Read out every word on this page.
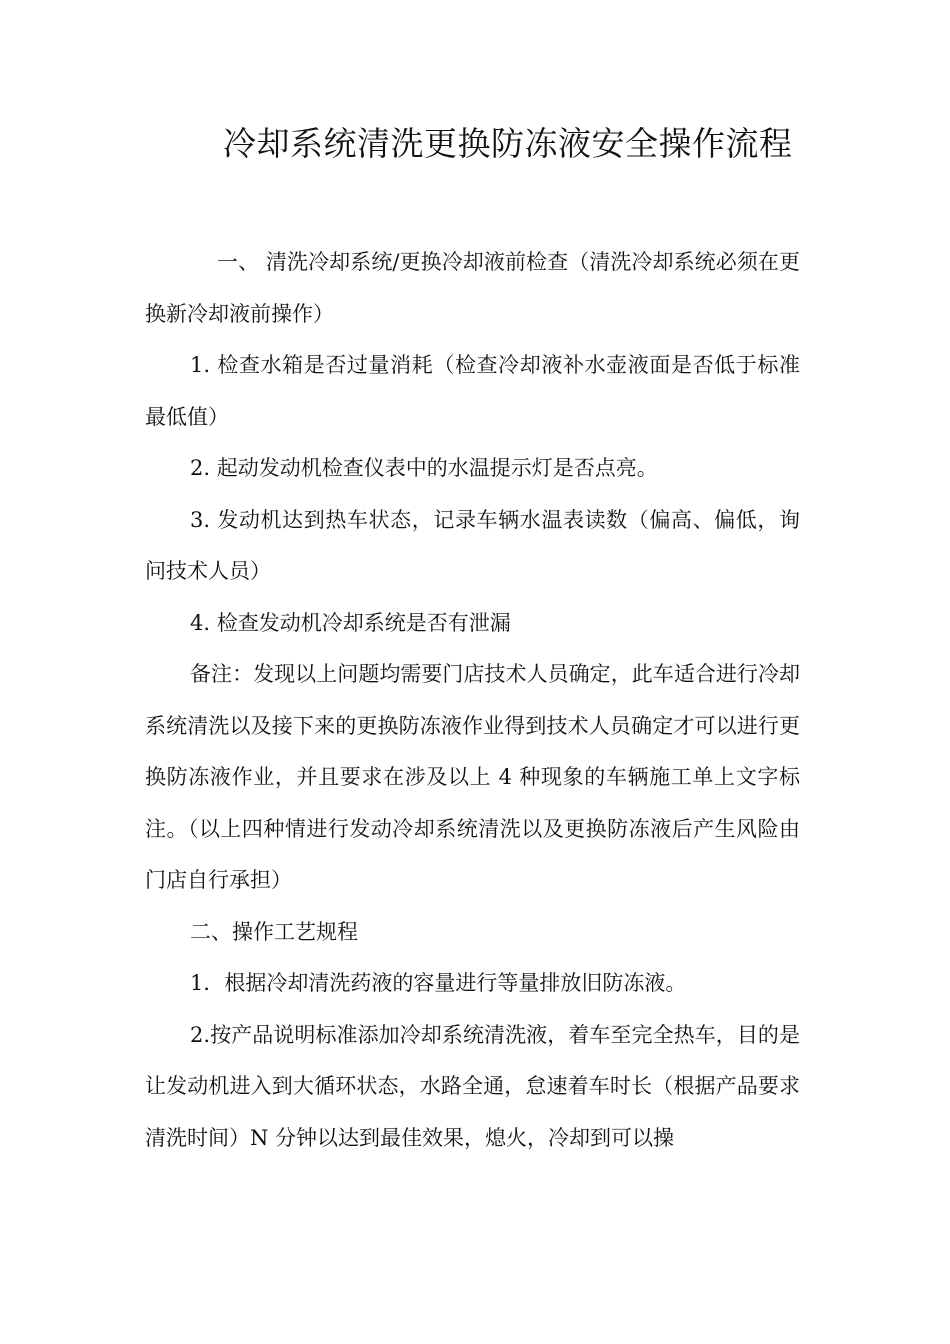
冷却系统清洗更换防冻液安全操作流程

一、 清洗冷却系统/更换冷却液前检查（清洗冷却系统必须在更换新冷却液前操作）

1. 检查水箱是否过量消耗（检查冷却液补水壶液面是否低于标准最低值）

2. 起动发动机检查仪表中的水温提示灯是否点亮。

3. 发动机达到热车状态，记录车辆水温表读数（偏高、偏低，询问技术人员）

4. 检查发动机冷却系统是否有泄漏

备注：发现以上问题均需要门店技术人员确定，此车适合进行冷却系统清洗以及接下来的更换防冻液作业得到技术人员确定才可以进行更换防冻液作业，并且要求在涉及以上 4 种现象的车辆施工单上文字标注。（以上四种情进行发动冷却系统清洗以及更换防冻液后产生风险由门店自行承担）

二、操作工艺规程

1．根据冷却清洗药液的容量进行等量排放旧防冻液。

2.按产品说明标准添加冷却系统清洗液，着车至完全热车，目的是让发动机进入到大循环状态，水路全通，怠速着车时长（根据产品要求清洗时间）N 分钟以达到最佳效果，熄火，冷却到可以操
